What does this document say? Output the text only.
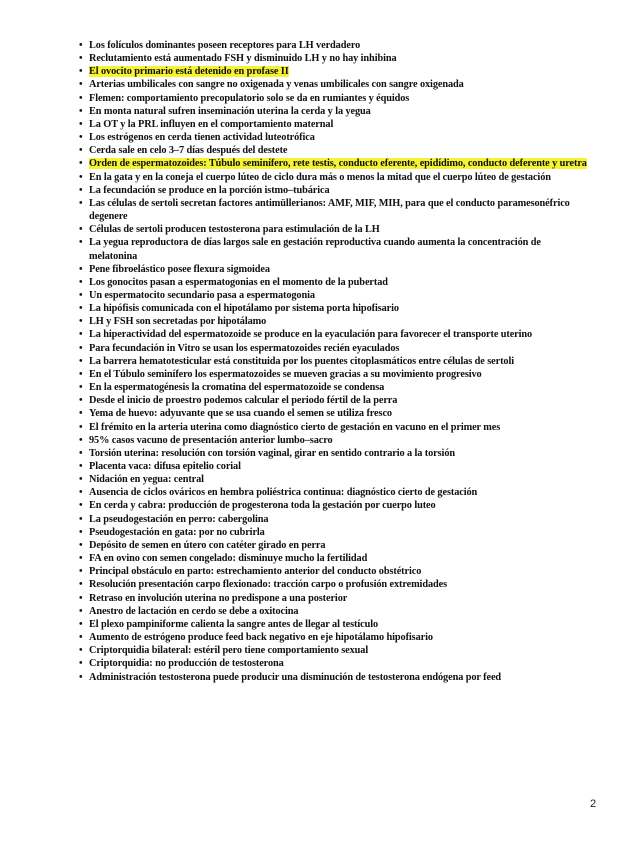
• Los folículos dominantes poseen receptores para LH verdadero
• Reclutamiento está aumentado FSH y disminuido LH y no hay inhibina
• El ovocito primario está detenido en profase II
• Arterias umbilicales con sangre no oxigenada y venas umbilicales con sangre oxigenada
• Flemen: comportamiento precopulatorio solo se da en rumiantes y équidos
• En monta natural sufren inseminación uterina la cerda y la yegua
• La OT y la PRL influyen en el comportamiento maternal
• Los estrógenos en cerda tienen actividad luteotrófica
• Cerda sale en celo 3–7 días después del destete
• Orden de espermatozoides: Túbulo seminífero, rete testis, conducto eferente, epidídimo, conducto deferente y uretra
• En la gata y en la coneja el cuerpo lúteo de ciclo dura más o menos la mitad que el cuerpo lúteo de gestación
• La fecundación se produce en la porción istmo–tubárica
• Las células de sertoli secretan factores antimüllerianos: AMF, MIF, MIH, para que el conducto paramesonéfrico degenere
• Células de sertoli producen testosterona para estimulación de la LH
• La yegua reproductora de días largos sale en gestación reproductiva cuando aumenta la concentración de melatonina
• Pene fibroelástico posee flexura sigmoidea
• Los gonocitos pasan a espermatogonias en el momento de la pubertad
• Un espermatocito secundario pasa a espermatogonia
• La hipófisis comunicada con el hipotálamo por sistema porta hipofisario
• LH y FSH son secretadas por hipotálamo
• La hiperactividad del espermatozoide se produce en la eyaculación para favorecer el transporte uterino
• Para fecundación in Vitro se usan los espermatozoides recién eyaculados
• La barrera hematotesticular está constituida por los puentes citoplasmáticos entre células de sertoli
• En el Túbulo seminífero los espermatozoides se mueven gracias a su movimiento progresivo
• En la espermatogénesis la cromatina del espermatozoide se condensa
• Desde el inicio de proestro podemos calcular el periodo fértil de la perra
• Yema de huevo: adyuvante que se usa cuando el semen se utiliza fresco
• El frémito en la arteria uterina como diagnóstico cierto de gestación en vacuno en el primer mes
• 95% casos vacuno de presentación anterior lumbo–sacro
• Torsión uterina: resolución con torsión vaginal, girar en sentido contrario a la torsión
• Placenta vaca: difusa epitelio corial
• Nidación en yegua: central
• Ausencia de ciclos ováricos en hembra poliéstrica continua: diagnóstico cierto de gestación
• En cerda y cabra: producción de progesterona toda la gestación por cuerpo luteo
• La pseudogestación en perro: cabergolina
• Pseudogestación en gata: por no cubrirla
• Depósito de semen en útero con catéter girado en perra
• FA en ovino con semen congelado: disminuye mucho la fertilidad
• Principal obstáculo en parto: estrechamiento anterior del conducto obstétrico
• Resolución presentación carpo flexionado: tracción carpo o profusión extremidades
• Retraso en involución uterina no predispone a una posterior
• Anestro de lactación en cerdo se debe a oxitocina
• El plexo pampiniforme calienta la sangre antes de llegar al testículo
• Aumento de estrógeno produce feed back negativo en eje hipotálamo hipofisario
• Criptorquidia bilateral: estéril pero tiene comportamiento sexual
• Criptorquidia: no producción de testosterona
• Administración testosterona puede producir una disminución de testosterona endógena por feed
2
